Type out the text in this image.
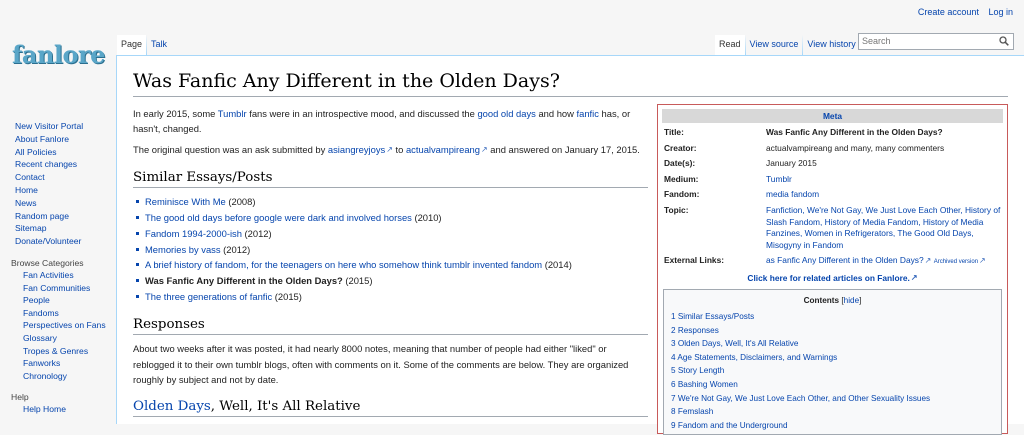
Create account Log in
fanlore
New Visitor Portal
About Fanlore
All Policies
Recent changes
Contact
Home
News
Random page
Sitemap
Donate/Volunteer
Browse Categories
Fan Activities
Fan Communities
People
Fandoms
Perspectives on Fans
Glossary
Tropes & Genres
Fanworks
Chronology
Help
Help Home
Page	Talk	Read	View source	View history Search
Was Fanfic Any Different in the Olden Days?

In early 2015, some Tumblr fans were in an introspective mood, and discussed the good old days and how fanfic has, or hasn't, changed.

The original question was an ask submitted by asiangreyjoys ↗ to actualvampireang ↗ and answered on January 17, 2015.

Similar Essays/Posts
Reminisce With Me (2008)
The good old days before google were dark and involved horses (2010)
Fandom 1994-2000-ish (2012)
Memories by vass (2012)
A brief history of fandom, for the teenagers on here who somehow think tumblr invented fandom (2014)
Was Fanfic Any Different in the Olden Days? (2015)
The three generations of fanfic (2015)
Responses

About two weeks after it was posted, it had nearly 8000 notes, meaning that number of people had either "liked" or reblogged it to their own tumblr blogs, often with comments on it. Some of the comments are below. They are organized roughly by subject and not by date.

Olden Days, Well, It's All Relative
Meta
Title:	Was Fanfic Any Different in the Olden Days?
Creator:	actualvampireang and many, many commenters
Date(s):	January 2015
Medium:	Tumblr
Fandom:	media fandom
Topic:	Fanfiction, We're Not Gay, We Just Love Each Other, History of Slash Fandom, History of Media Fandom, History of Media Fanzines, Women in Refrigerators, The Good Old Days, Misogyny in Fandom
External Links:	as Fanfic Any Different in the Olden Days? ↗ $^{Archived version}$ ↗
Click here for related articles on Fanlore. ↗
Contents [hide]
1 Similar Essays/Posts
2 Responses
3 Olden Days, Well, It's All Relative
4 Age Statements, Disclaimers, and Warnings
5 Story Length
6 Bashing Women
7 We're Not Gay, We Just Love Each Other, and Other Sexuality Issues
8 Femslash
9 Fandom and the Underground
